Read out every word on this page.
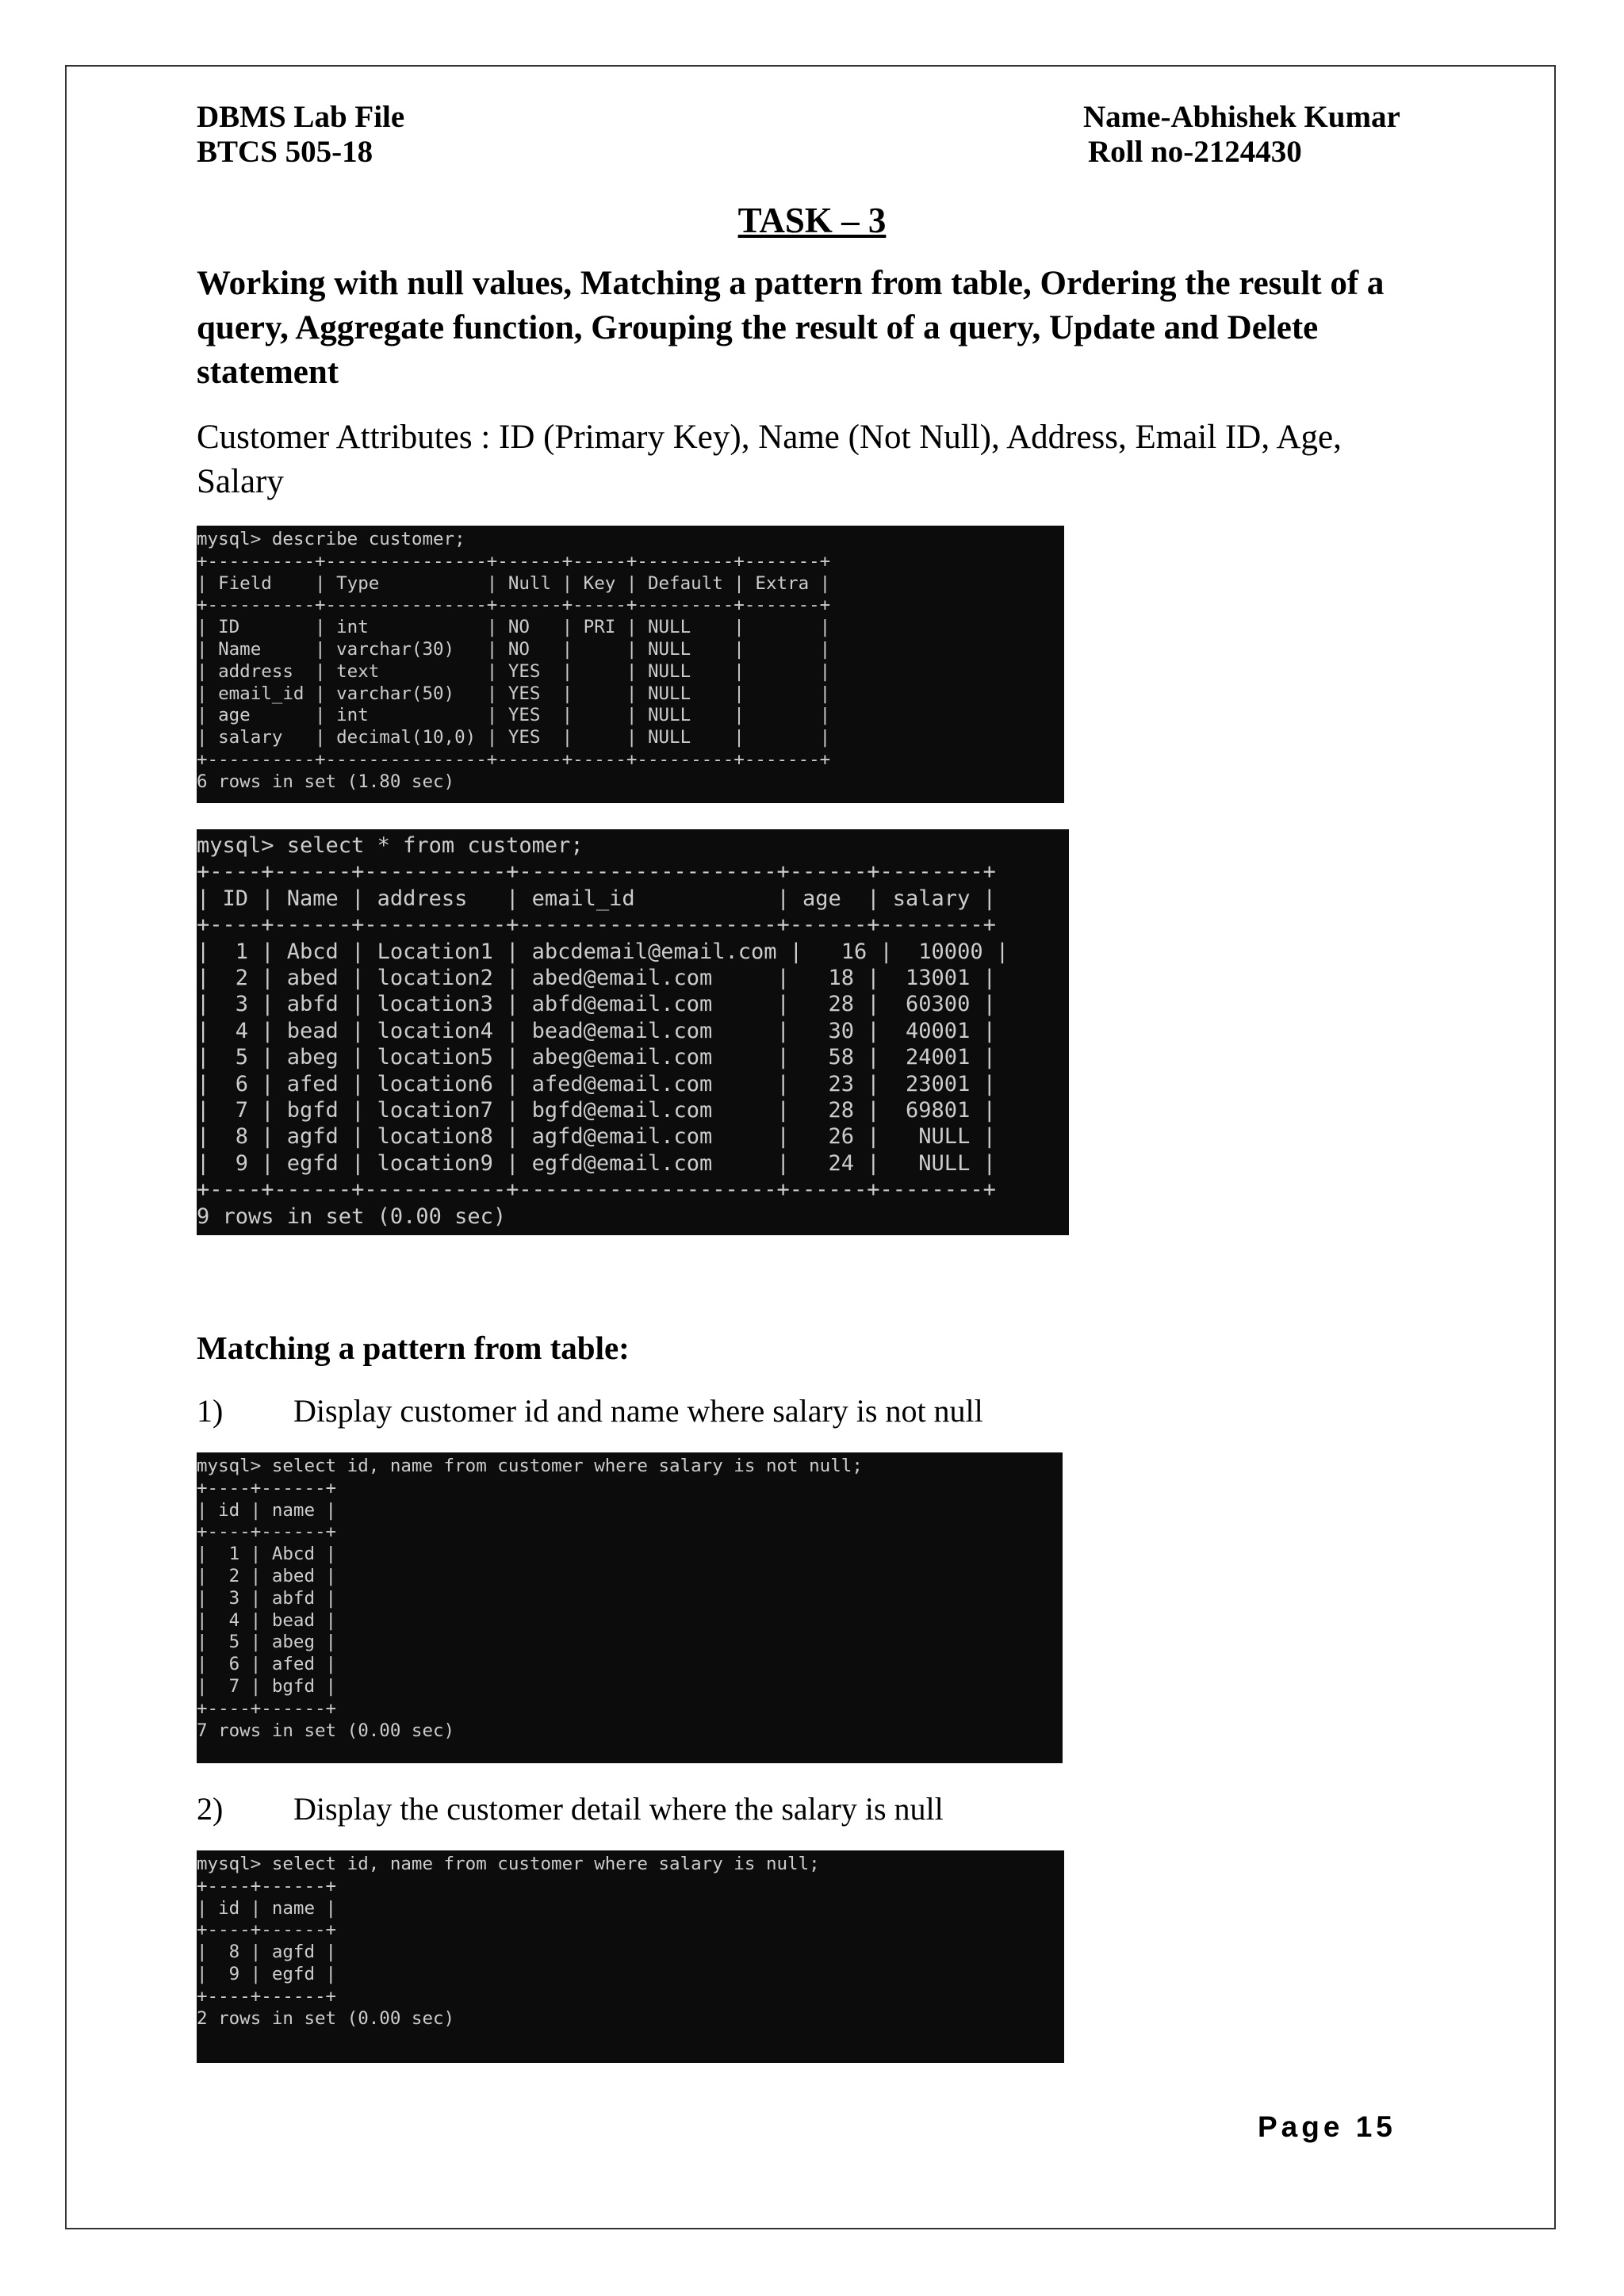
DBMS Lab File
BTCS 505-18
Name-Abhishek Kumar
Roll no-2124430
TASK – 3
Working with null values, Matching a pattern from table, Ordering the result of a query, Aggregate function, Grouping the result of a query, Update and Delete statement
Customer Attributes : ID (Primary Key), Name (Not Null), Address, Email ID, Age, Salary
mysql> describe customer;
+----------+---------------+------+-----+---------+-------+
| Field    | Type          | Null | Key | Default | Extra |
+----------+---------------+------+-----+---------+-------+
| ID       | int           | NO   | PRI | NULL    |       |
| Name     | varchar(30)   | NO   |     | NULL    |       |
| address  | text          | YES  |     | NULL    |       |
| email_id | varchar(50)   | YES  |     | NULL    |       |
| age      | int           | YES  |     | NULL    |       |
| salary   | decimal(10,0) | YES  |     | NULL    |       |
+----------+---------------+------+-----+---------+-------+
6 rows in set (1.80 sec)
mysql> select * from customer;
+----+------+-----------+--------------------+------+--------+
| ID | Name | address   | email_id           | age  | salary |
+----+------+-----------+--------------------+------+--------+
|  1 | Abcd | Location1 | abcdemail@email.com |   16 |  10000 |
|  2 | abed | location2 | abed@email.com     |   18 |  13001 |
|  3 | abfd | location3 | abfd@email.com     |   28 |  60300 |
|  4 | bead | location4 | bead@email.com     |   30 |  40001 |
|  5 | abeg | location5 | abeg@email.com     |   58 |  24001 |
|  6 | afed | location6 | afed@email.com     |   23 |  23001 |
|  7 | bgfd | location7 | bgfd@email.com     |   28 |  69801 |
|  8 | agfd | location8 | agfd@email.com     |   26 |   NULL |
|  9 | egfd | location9 | egfd@email.com     |   24 |   NULL |
+----+------+-----------+--------------------+------+--------+
9 rows in set (0.00 sec)
Matching a pattern from table:
1) Display customer id and name where salary is not null
mysql> select id, name from customer where salary is not null;
+----+------+
| id | name |
+----+------+
|  1 | Abcd |
|  2 | abed |
|  3 | abfd |
|  4 | bead |
|  5 | abeg |
|  6 | afed |
|  7 | bgfd |
+----+------+
7 rows in set (0.00 sec)
2) Display the customer detail where the salary is null
mysql> select id, name from customer where salary is null;
+----+------+
| id | name |
+----+------+
|  8 | agfd |
|  9 | egfd |
+----+------+
2 rows in set (0.00 sec)
Page 15
